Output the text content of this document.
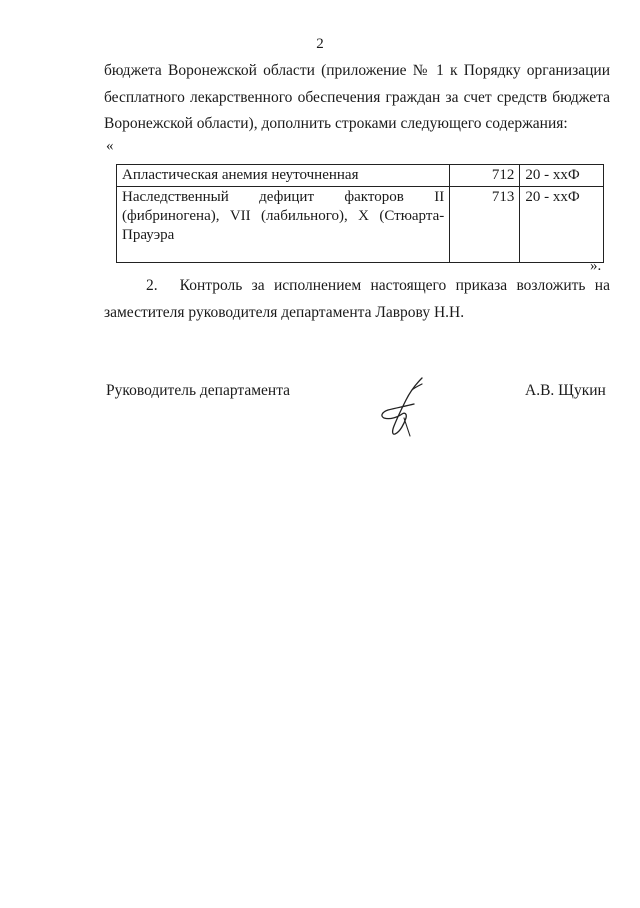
2
бюджета Воронежской области (приложение № 1 к Порядку организации
бесплатного лекарственного обеспечения граждан за счет средств бюджета
Воронежской области), дополнить строками следующего содержания:
«
Апластическая анемия неуточненная	712	20 - ххФ

Наследственный дефицит факторов II
(фибриногена), VII (лабильного), X (Стюарта-
Прауэра	713	20 - ххФ
».
2. Контроль за исполнением настоящего приказа возложить на
заместителя руководителя департамента Лаврову Н.Н.
Руководитель департамента	А.В. Щукин
